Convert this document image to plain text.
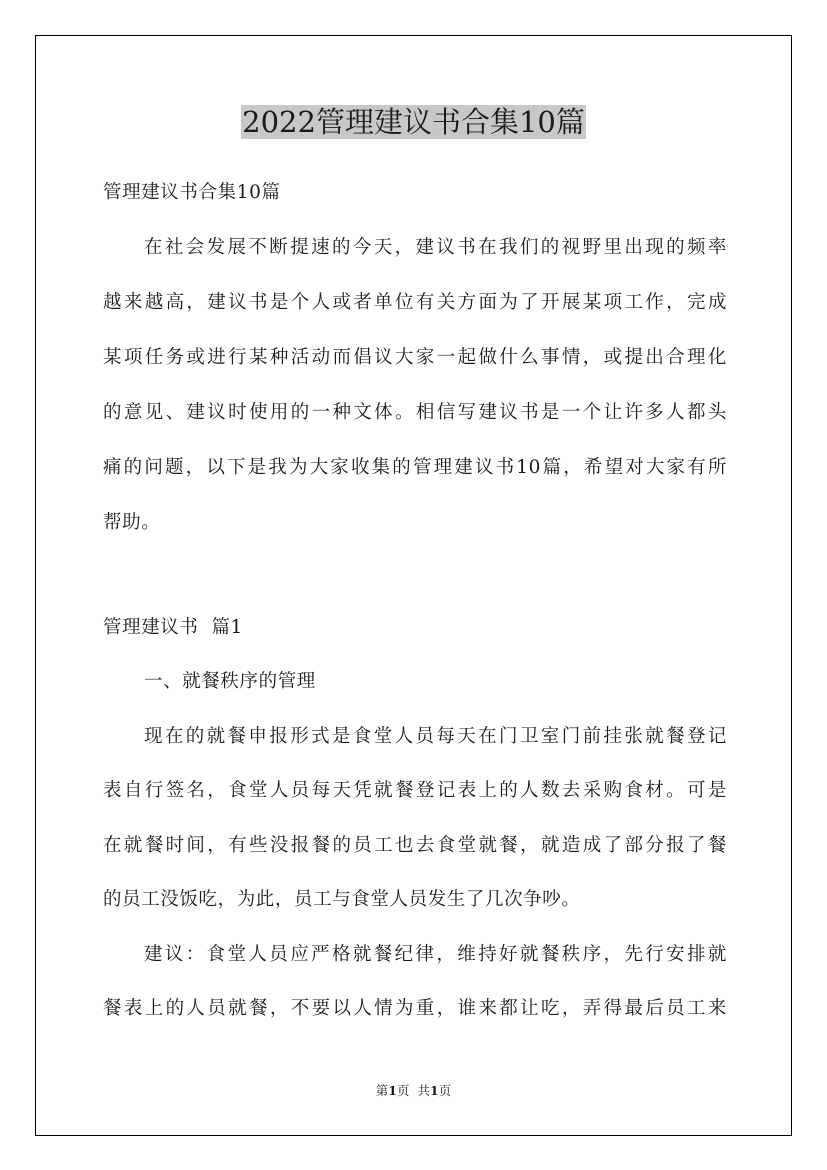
2022管理建议书合集10篇
管理建议书合集10篇
在社会发展不断提速的今天，建议书在我们的视野里出现的频率
越来越高，建议书是个人或者单位有关方面为了开展某项工作，完成
某项任务或进行某种活动而倡议大家一起做什么事情，或提出合理化
的意见、建议时使用的一种文体。相信写建议书是一个让许多人都头
痛的问题，以下是我为大家收集的管理建议书10篇，希望对大家有所
帮助。
管理建议书  篇1
一、就餐秩序的管理
现在的就餐申报形式是食堂人员每天在门卫室门前挂张就餐登记
表自行签名，食堂人员每天凭就餐登记表上的人数去采购食材。可是
在就餐时间，有些没报餐的员工也去食堂就餐，就造成了部分报了餐
的员工没饭吃，为此，员工与食堂人员发生了几次争吵。
建议：食堂人员应严格就餐纪律，维持好就餐秩序，先行安排就
餐表上的人员就餐，不要以人情为重，谁来都让吃，弄得最后员工来
第1页 共1页
